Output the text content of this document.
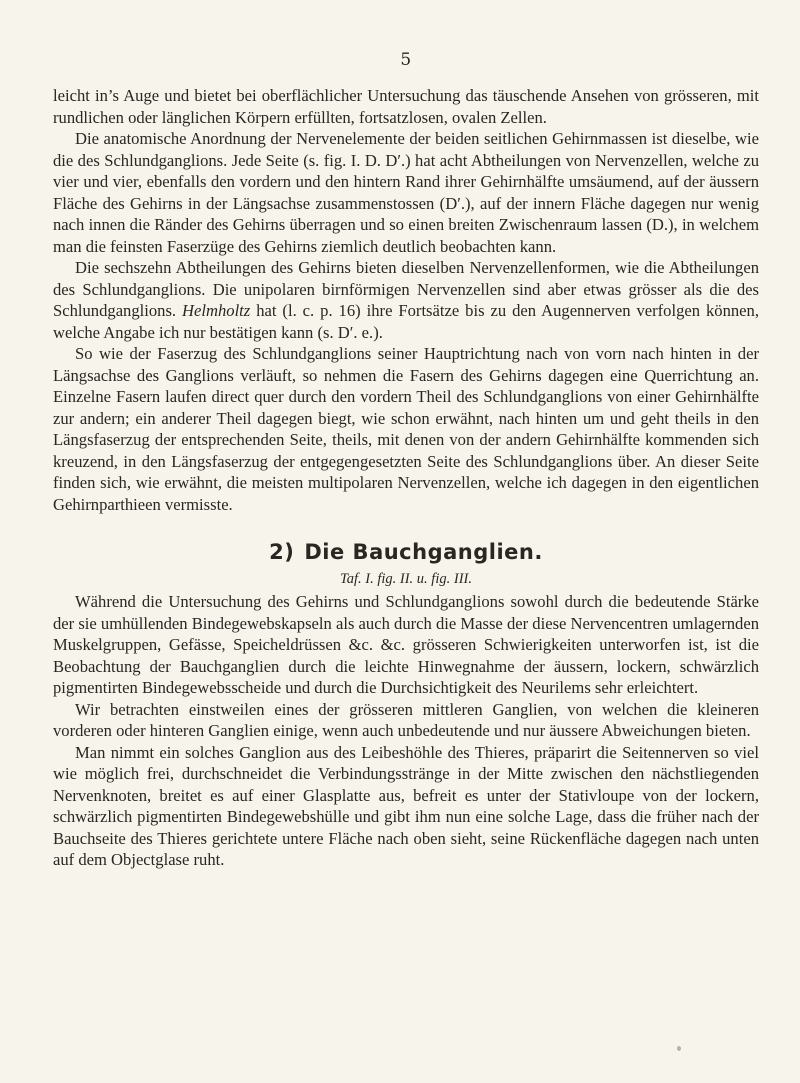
5

leicht in’s Auge und bietet bei oberflächlicher Untersuchung das täuschende Ansehen von grösseren, mit rundlichen oder länglichen Körpern erfüllten, fortsatzlosen, ovalen Zellen.

Die anatomische Anordnung der Nervenelemente der beiden seitlichen Gehirnmassen ist dieselbe, wie die des Schlundganglions. Jede Seite (s. fig. I. D. D′.) hat acht Abtheilungen von Nervenzellen, welche zu vier und vier, ebenfalls den vordern und den hintern Rand ihrer Gehirnhälfte umsäumend, auf der äussern Fläche des Gehirns in der Längsachse zusammenstossen (D′.), auf der innern Fläche dagegen nur wenig nach innen die Ränder des Gehirns überragen und so einen breiten Zwischenraum lassen (D.), in welchem man die feinsten Faserzüge des Gehirns ziemlich deutlich beobachten kann.

Die sechszehn Abtheilungen des Gehirns bieten dieselben Nervenzellenformen, wie die Abtheilungen des Schlundganglions. Die unipolaren birnförmigen Nervenzellen sind aber etwas grösser als die des Schlundganglions. Helmholtz hat (l. c. p. 16) ihre Fortsätze bis zu den Augennerven verfolgen können, welche Angabe ich nur bestätigen kann (s. D′. e.).

So wie der Faserzug des Schlundganglions seiner Hauptrichtung nach von vorn nach hinten in der Längsachse des Ganglions verläuft, so nehmen die Fasern des Gehirns dagegen eine Querrichtung an. Einzelne Fasern laufen direct quer durch den vordern Theil des Schlundganglions von einer Gehirnhälfte zur andern; ein anderer Theil dagegen biegt, wie schon erwähnt, nach hinten um und geht theils in den Längsfaserzug der entsprechenden Seite, theils, mit denen von der andern Gehirnhälfte kommenden sich kreuzend, in den Längsfaserzug der entgegengesetzten Seite des Schlundganglions über. An dieser Seite finden sich, wie erwähnt, die meisten multipolaren Nervenzellen, welche ich dagegen in den eigentlichen Gehirnparthieen vermisste.

2) Die Bauchganglien.
Taf. I. fig. II. u. fig. III.

Während die Untersuchung des Gehirns und Schlundganglions sowohl durch die bedeutende Stärke der sie umhüllenden Bindegewebskapseln als auch durch die Masse der diese Nervencentren umlagernden Muskelgruppen, Gefässe, Speicheldrüssen &c. &c. grösseren Schwierigkeiten unterworfen ist, ist die Beobachtung der Bauchganglien durch die leichte Hinwegnahme der äussern, lockern, schwärzlich pigmentirten Bindegewebsscheide und durch die Durchsichtigkeit des Neurilems sehr erleichtert.

Wir betrachten einstweilen eines der grösseren mittleren Ganglien, von welchen die kleineren vorderen oder hinteren Ganglien einige, wenn auch unbedeutende und nur äussere Abweichungen bieten.

Man nimmt ein solches Ganglion aus des Leibeshöhle des Thieres, präparirt die Seitennerven so viel wie möglich frei, durchschneidet die Verbindungsstränge in der Mitte zwischen den nächstliegenden Nervenknoten, breitet es auf einer Glasplatte aus, befreit es unter der Stativloupe von der lockern, schwärzlich pigmentirten Bindegewebshülle und gibt ihm nun eine solche Lage, dass die früher nach der Bauchseite des Thieres gerichtete untere Fläche nach oben sieht, seine Rückenfläche dagegen nach unten auf dem Objectglase ruht.
